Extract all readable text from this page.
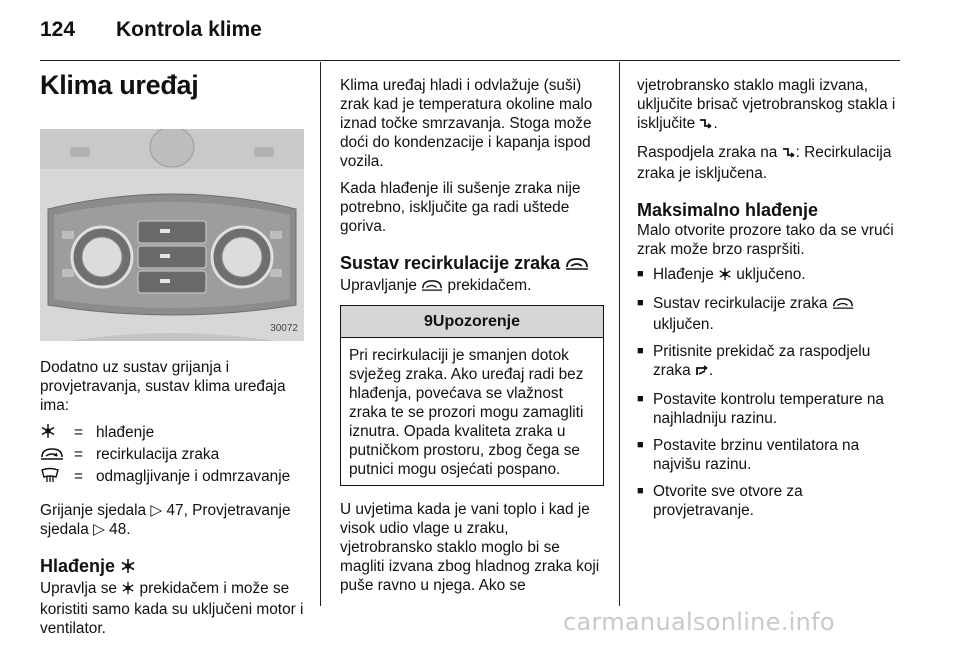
124 Kontrola klime
Klima uređaj
30072

Dodatno uz sustav grijanja i provjetravanja, sustav klima uređaja ima:

	=	hlađenje
	=	recirkulacija zraka
	=	odmagljivanje i odmrzavanje

Grijanje sjedala ▷ 47, Provjetravanje sjedala ▷ 48.

Hlađenje

Upravlja se  prekidačem i može se koristiti samo kada su uključeni motor i ventilator.

Klima uređaj hladi i odvlažuje (suši) zrak kad je temperatura okoline malo iznad točke smrzavanja. Stoga može doći do kondenzacije i kapanja ispod vozila.

Kada hlađenje ili sušenje zraka nije potrebno, isključite ga radi uštede goriva.

Sustav recirkulacije zraka

Upravljanje  prekidačem.

9Upozorenje
Pri recirkulaciji je smanjen dotok svježeg zraka. Ako uređaj radi bez hlađenja, povećava se vlažnost zraka te se prozori mogu zamagliti iznutra. Opada kvaliteta zraka u putničkom prostoru, zbog čega se putnici mogu osjećati pospano.

U uvjetima kada je vani toplo i kad je visok udio vlage u zraku, vjetrobransko staklo moglo bi se magliti izvana zbog hladnog zraka koji puše ravno u njega. Ako se

vjetrobransko staklo magli izvana, uključite brisač vjetrobranskog stakla i isključite .

Raspodjela zraka na : Recirkulacija zraka je isključena.

Maksimalno hlađenje

Malo otvorite prozore tako da se vrući zrak može brzo raspršiti.

■ Hlađenje  uključeno.
■ Sustav recirkulacije zraka  uključen.
■ Pritisnite prekidač za raspodjelu zraka .
■ Postavite kontrolu temperature na najhladniju razinu.
■ Postavite brzinu ventilatora na najvišu razinu.
■ Otvorite sve otvore za provjetravanje.
carmanualsonline.info
